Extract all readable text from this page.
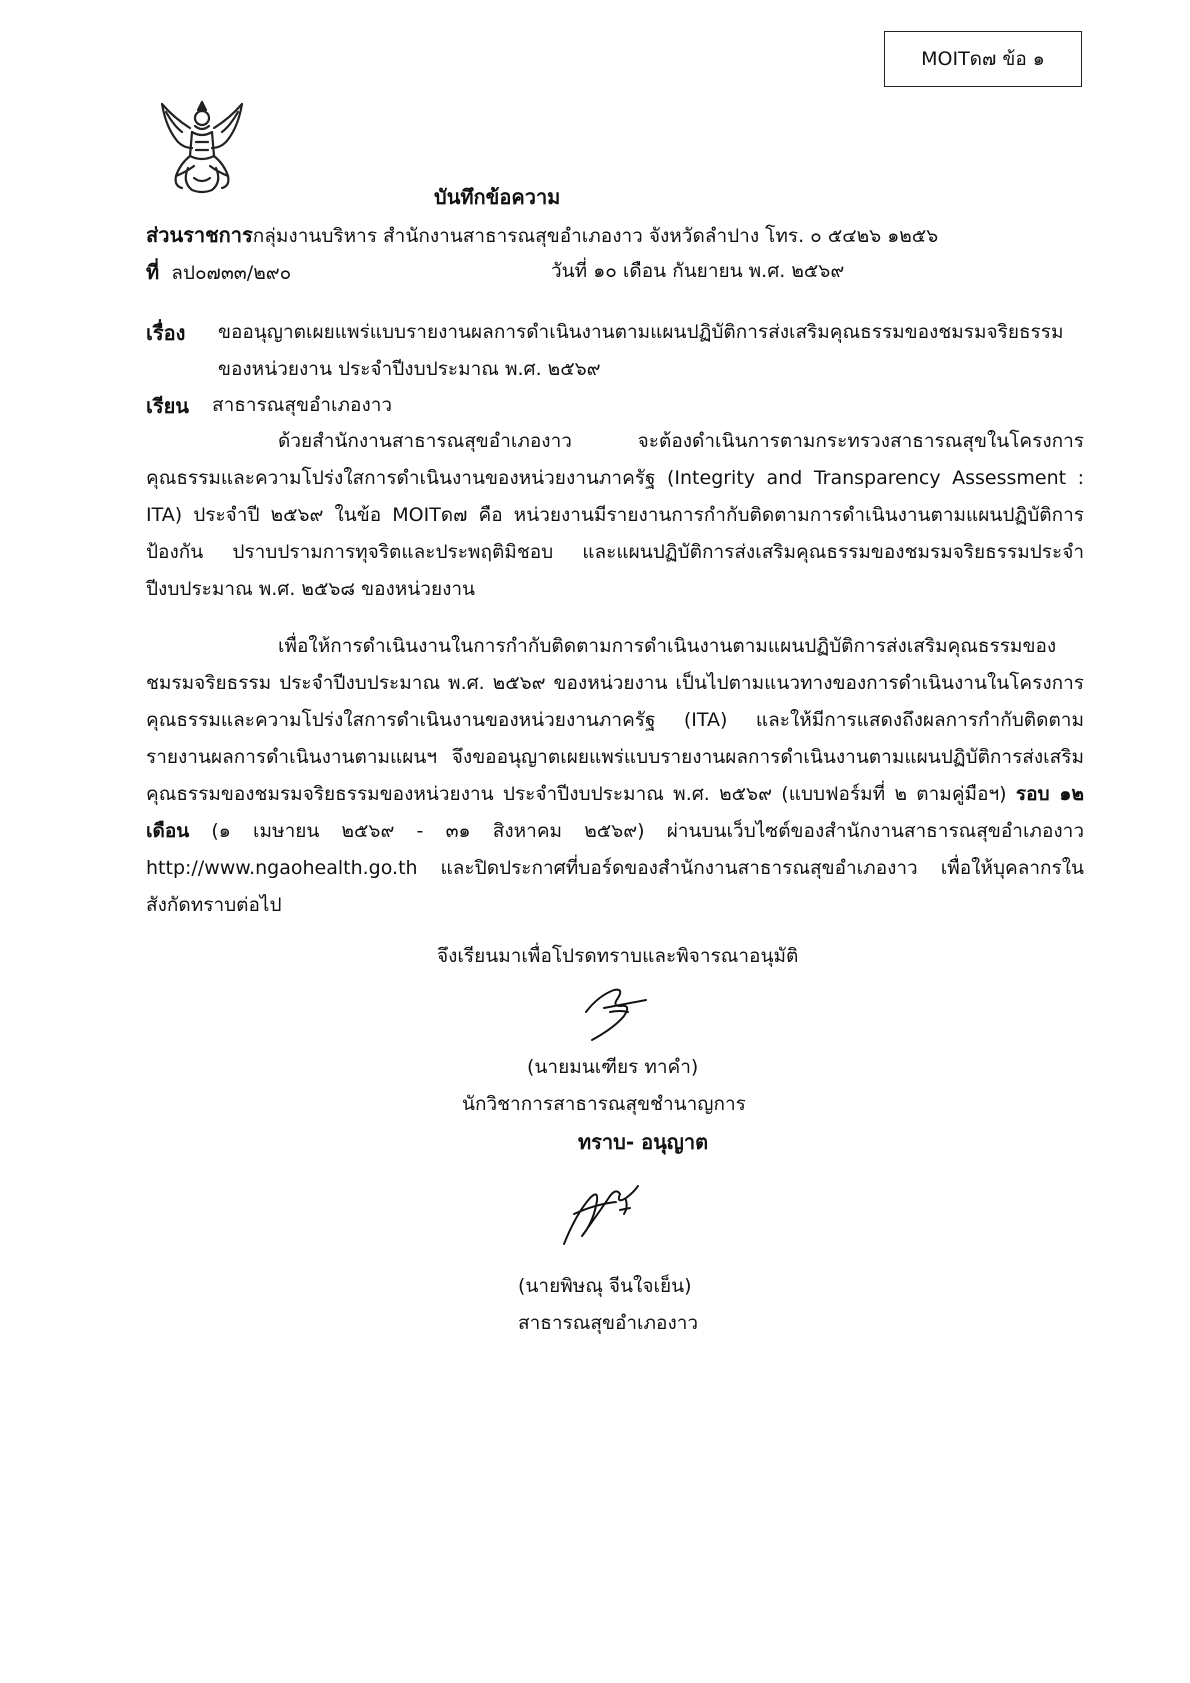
MOITด๗ ข้อ ๑
บันทึกข้อความ
ส่วนราชการกลุ่มงานบริหาร สำนักงานสาธารณสุขอำเภองาว จังหวัดลำปาง โทร. ๐ ๕๔๒๖ ๑๒๕๖
ที่ ลป๐๗๓๓/๒๙๐	วันที่ ๑๐ เดือน กันยายน พ.ศ. ๒๕๖๙
เรื่อง ขออนุญาตเผยแพร่แบบรายงานผลการดำเนินงานตามแผนปฏิบัติการส่งเสริมคุณธรรมของชมรมจริยธรรม
ของหน่วยงาน ประจำปีงบประมาณ พ.ศ. ๒๕๖๙
เรียน สาธารณสุขอำเภองาว
ด้วยสำนักงานสาธารณสุขอำเภองาว จะต้องดำเนินการตามกระทรวงสาธารณสุขในโครงการคุณธรรมและความโปร่งใสการดำเนินงานของหน่วยงานภาครัฐ (Integrity and Transparency Assessment : ITA) ประจำปี ๒๕๖๙ ในข้อ MOITด๗ คือ หน่วยงานมีรายงานการกำกับติดตามการดำเนินงานตามแผนปฏิบัติการป้องกัน ปราบปรามการทุจริตและประพฤติมิชอบ และแผนปฏิบัติการส่งเสริมคุณธรรมของชมรมจริยธรรมประจำปีงบประมาณ พ.ศ. ๒๕๖๘ ของหน่วยงาน
เพื่อให้การดำเนินงานในการกำกับติดตามการดำเนินงานตามแผนปฏิบัติการส่งเสริมคุณธรรมของชมรมจริยธรรม ประจำปีงบประมาณ พ.ศ. ๒๕๖๙ ของหน่วยงาน เป็นไปตามแนวทางของการดำเนินงานในโครงการคุณธรรมและความโปร่งใสการดำเนินงานของหน่วยงานภาครัฐ (ITA) และให้มีการแสดงถึงผลการกำกับติดตามรายงานผลการดำเนินงานตามแผนฯ จึงขออนุญาตเผยแพร่แบบรายงานผลการดำเนินงานตามแผนปฏิบัติการส่งเสริมคุณธรรมของชมรมจริยธรรมของหน่วยงาน ประจำปีงบประมาณ พ.ศ. ๒๕๖๙ (แบบฟอร์มที่ ๒ ตามคู่มือฯ) รอบ ๑๒ เดือน (๑ เมษายน ๒๕๖๙ - ๓๑ สิงหาคม ๒๕๖๙) ผ่านบนเว็บไซต์ของสำนักงานสาธารณสุขอำเภองาว http://www.ngaohealth.go.th และปิดประกาศที่บอร์ดของสำนักงานสาธารณสุขอำเภองาว เพื่อให้บุคลากรในสังกัดทราบต่อไป
จึงเรียนมาเพื่อโปรดทราบและพิจารณาอนุมัติ
(นายมนเฑียร ทาคำ)
นักวิชาการสาธารณสุขชำนาญการ
ทราบ- อนุญาต
(นายพิษณุ จีนใจเย็น)
สาธารณสุขอำเภองาว
